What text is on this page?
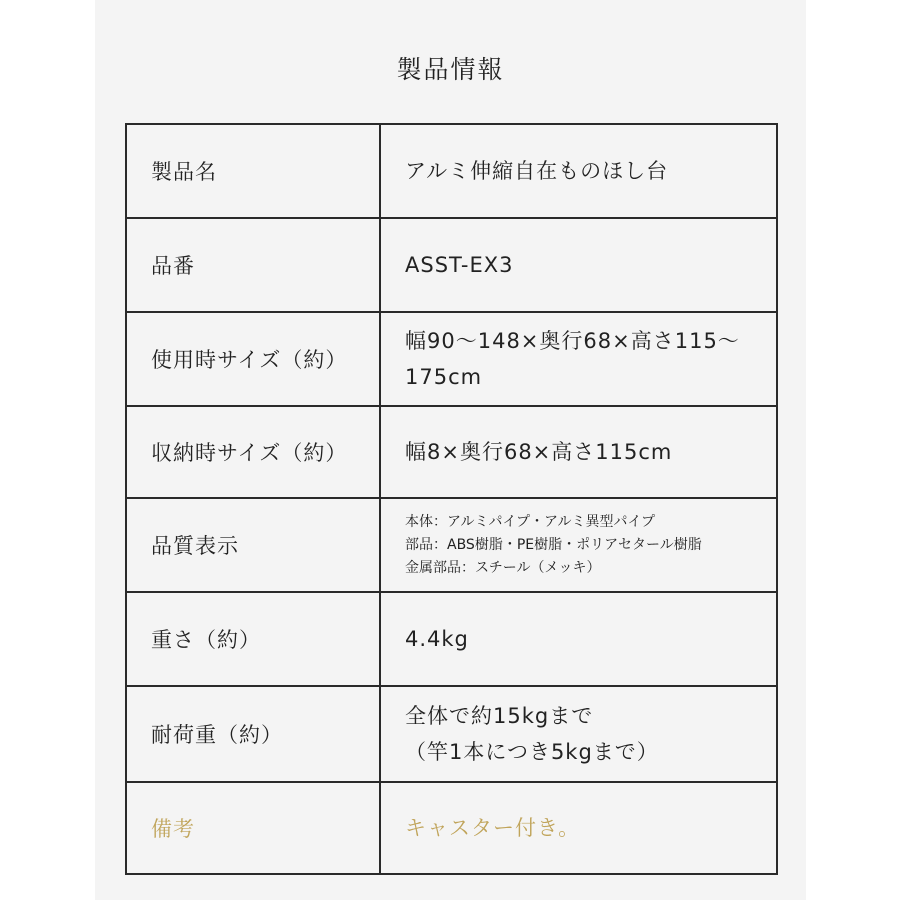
製品情報
製品名	アルミ伸縮自在ものほし台

品番	ASST-EX3

使用時サイズ（約）	幅90〜148×奥行68×高さ115〜
175cm

収納時サイズ（約）	幅8×奥行68×高さ115cm

品質表示	本体：アルミパイプ・アルミ異型パイプ
部品：ABS樹脂・PE樹脂・ポリアセタール樹脂
金属部品：スチール（メッキ）

重さ（約）	4.4kg

耐荷重（約）	全体で約15kgまで
（竿1本につき5kgまで）

備考	キャスター付き。
